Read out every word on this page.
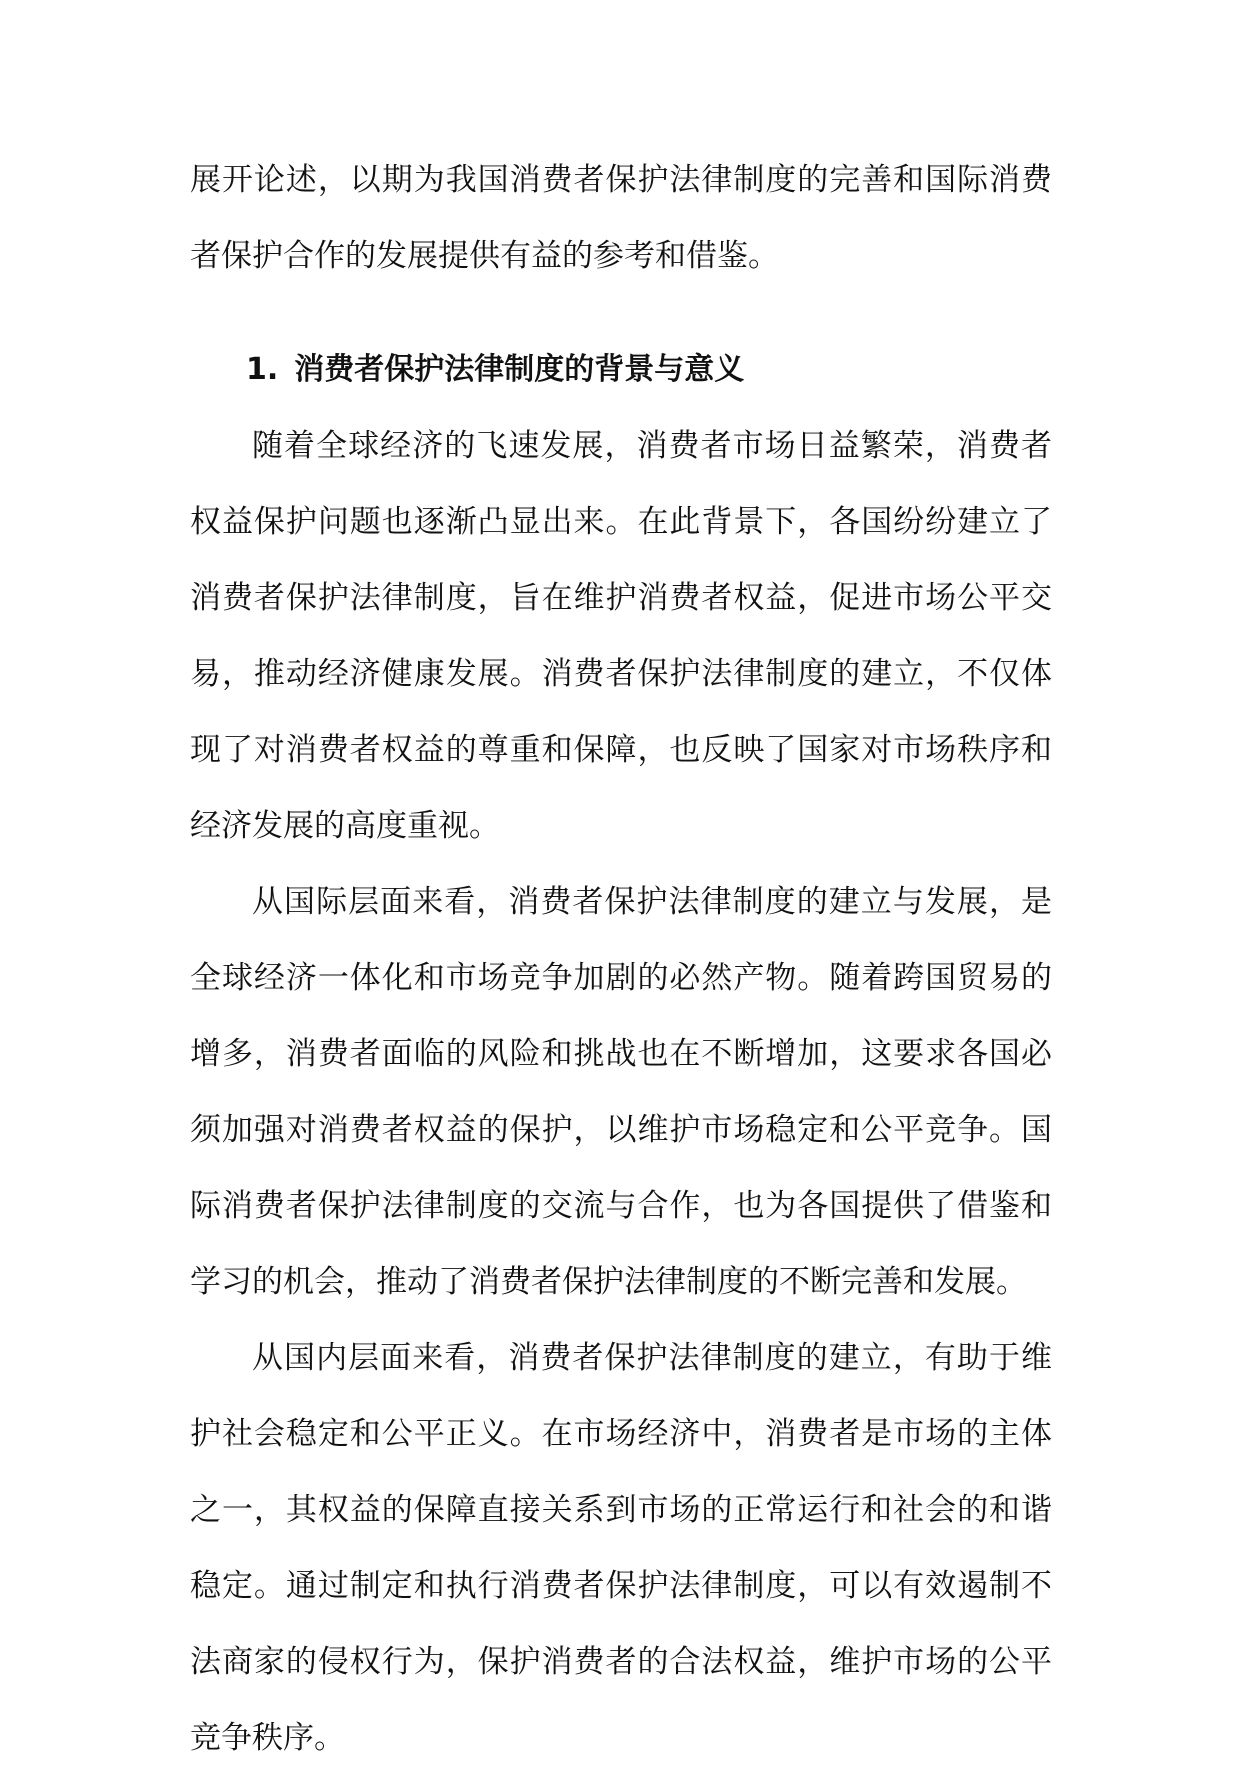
展开论述，以期为我国消费者保护法律制度的完善和国际消费者保护合作的发展提供有益的参考和借鉴。

1. 消费者保护法律制度的背景与意义

随着全球经济的飞速发展，消费者市场日益繁荣，消费者权益保护问题也逐渐凸显出来。在此背景下，各国纷纷建立了消费者保护法律制度，旨在维护消费者权益，促进市场公平交易，推动经济健康发展。消费者保护法律制度的建立，不仅体现了对消费者权益的尊重和保障，也反映了国家对市场秩序和经济发展的高度重视。

从国际层面来看，消费者保护法律制度的建立与发展，是全球经济一体化和市场竞争加剧的必然产物。随着跨国贸易的增多，消费者面临的风险和挑战也在不断增加，这要求各国必须加强对消费者权益的保护，以维护市场稳定和公平竞争。国际消费者保护法律制度的交流与合作，也为各国提供了借鉴和学习的机会，推动了消费者保护法律制度的不断完善和发展。

从国内层面来看，消费者保护法律制度的建立，有助于维护社会稳定和公平正义。在市场经济中，消费者是市场的主体之一，其权益的保障直接关系到市场的正常运行和社会的和谐稳定。通过制定和执行消费者保护法律制度，可以有效遏制不法商家的侵权行为，保护消费者的合法权益，维护市场的公平竞争秩序。
